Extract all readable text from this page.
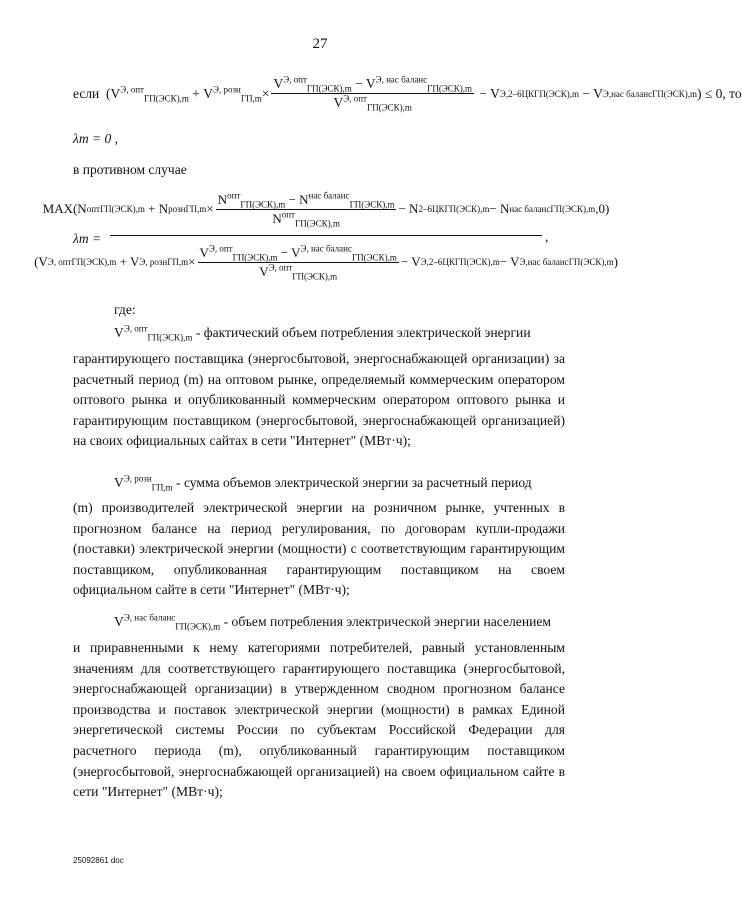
27
если ( $V^{Э, опт}_{ГП(ЭСК),m}$
+
$V^{Э, розн}_{ГП,m} \times \frac{V^{Э, опт}_{ГП(ЭСК),m} - V^{Э, нас баланс}_{ГП(ЭСК),m}}{V^{Э, опт}_{ГП(ЭСК),m}} - V$ Э,2–6ЦК ГП(ЭСК),m − V Э,нас баланс ГП(ЭСК),m ) ≤ 0, то
λm = 0 ,
в противном случае
λm =
MAX(N опт ГП(ЭСК),m + N розн $ГП,m \times \frac{N^{опт}_{ГП(ЭСК),m} - N^{нас баланс}_{ГП(ЭСК),m}}{N^{опт}_{ГП(ЭСК),m}} - N$ 2–6ЦК ГП(ЭСК),m − N нас баланс ГП(ЭСК),m ,0)
(V Э, опт ГП(ЭСК),m + V Э, розн $ГП,m \times \frac{V^{Э, опт}_{ГП(ЭСК),m} - V^{Э, нас баланс}_{ГП(ЭСК),m}}{V^{Э, опт}_{ГП(ЭСК),m}} - V$ Э,2–6ЦК ГП(ЭСК),m − V Э,нас баланс ГП(ЭСК),m )
,
где:
$V^{Э, опт}_{ГП(ЭСК),m}$ - фактический объем потребления электрической энергии
гарантирующего поставщика (энергосбытовой, энергоснабжающей организации) за расчетный период (m) на оптовом рынке, определяемый коммерческим оператором оптового рынка и опубликованный коммерческим оператором оптового рынка и гарантирующим поставщиком (энергосбытовой, энергоснабжающей организацией) на своих официальных сайтах в сети "Интернет" (МВт·ч);
$V^{Э, розн}_{ГП,m}$ - сумма объемов электрической энергии за расчетный период
(m) производителей электрической энергии на розничном рынке, учтенных в прогнозном балансе на период регулирования, по договорам купли-продажи (поставки) электрической энергии (мощности) с соответствующим гарантирующим поставщиком, опубликованная гарантирующим поставщиком на своем официальном сайте в сети "Интернет" (МВт·ч);
$V^{Э, нас баланс}_{ГП(ЭСК),m}$ - объем потребления электрической энергии населением
и приравненными к нему категориями потребителей, равный установленным значениям для соответствующего гарантирующего поставщика (энергосбытовой, энергоснабжающей организации) в утвержденном сводном прогнозном балансе производства и поставок электрической энергии (мощности) в рамках Единой энергетической системы России по субъектам Российской Федерации для расчетного периода (m), опубликованный гарантирующим поставщиком (энергосбытовой, энергоснабжающей организацией) на своем официальном сайте в сети "Интернет" (МВт·ч);
25092861 doc
